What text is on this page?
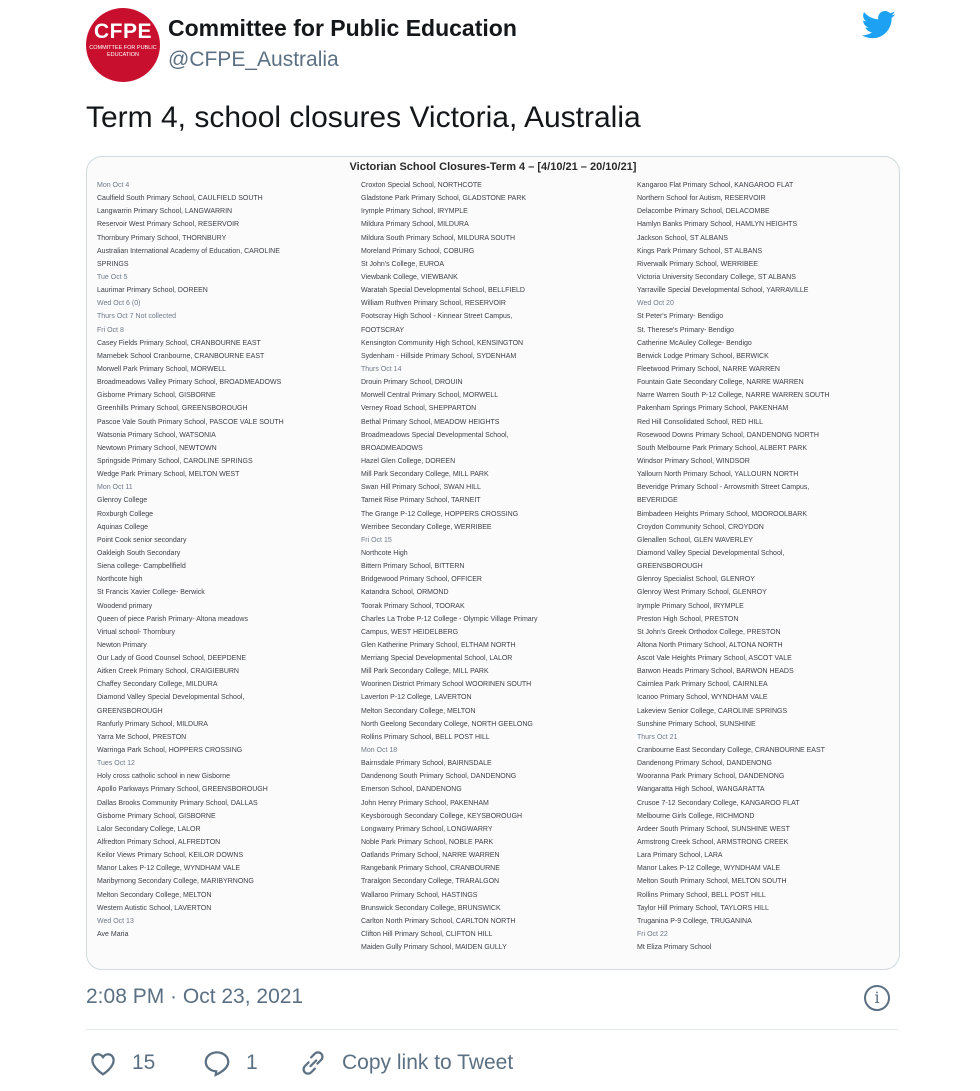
CFPE
COMMITTEE FOR PUBLIC EDUCATION
Committee for Public Education
@CFPE_Australia
Term 4, school closures Victoria, Australia
Victorian School Closures-Term 4 – [4/10/21 – 20/10/21]
Mon Oct 4
Caulfield South Primary School, CAULFIELD SOUTH
Langwarrin Primary School, LANGWARRIN
Reservoir West Primary School, RESERVOIR
Thornbury Primary School, THORNBURY
Australian International Academy of Education, CAROLINE
SPRINGS
Tue Oct 5
Laurimar Primary School, DOREEN
Wed Oct 6 (0)
Thurs Oct 7 Not collected
Fri Oct 8
Casey Fields Primary School, CRANBOURNE EAST
Marnebek School Cranbourne, CRANBOURNE EAST
Morwell Park Primary School, MORWELL
Broadmeadows Valley Primary School, BROADMEADOWS
Gisborne Primary School, GISBORNE
Greenhills Primary School, GREENSBOROUGH
Pascoe Vale South Primary School, PASCOE VALE SOUTH
Watsonia Primary School, WATSONIA
Newtown Primary School, NEWTOWN
Springside Primary School, CAROLINE SPRINGS
Wedge Park Primary School, MELTON WEST
Mon Oct 11
Glenroy College
Roxburgh College
Aquinas College
Point Cook senior secondary
Oakleigh South Secondary
Siena college- Campbellfield
Northcote high
St Francis Xavier College- Berwick
Woodend primary
Queen of piece Parish Primary- Altona meadows
Virtual school- Thornbury
Newton Primary
Our Lady of Good Counsel School, DEEPDENE
Aitken Creek Primary School, CRAIGIEBURN
Chaffey Secondary College, MILDURA
Diamond Valley Special Developmental School,
GREENSBOROUGH
Ranfurly Primary School, MILDURA
Yarra Me School, PRESTON
Warringa Park School, HOPPERS CROSSING
Tues Oct 12
Holy cross catholic school in new Gisborne
Apollo Parkways Primary School, GREENSBOROUGH
Dallas Brooks Community Primary School, DALLAS
Gisborne Primary School, GISBORNE
Lalor Secondary College, LALOR
Alfredton Primary School, ALFREDTON
Keilor Views Primary School, KEILOR DOWNS
Manor Lakes P-12 College, WYNDHAM VALE
Maribyrnong Secondary College, MARIBYRNONG
Melton Secondary College, MELTON
Western Autistic School, LAVERTON
Wed Oct 13
Ave Maria
Croxton Special School, NORTHCOTE
Gladstone Park Primary School, GLADSTONE PARK
Irymple Primary School, IRYMPLE
Mildura Primary School, MILDURA
Mildura South Primary School, MILDURA SOUTH
Moreland Primary School, COBURG
St John's College, EUROA
Viewbank College, VIEWBANK
Waratah Special Developmental School, BELLFIELD
William Ruthven Primary School, RESERVOIR
Footscray High School - Kinnear Street Campus,
FOOTSCRAY
Kensington Community High School, KENSINGTON
Sydenham - Hillside Primary School, SYDENHAM
Thurs Oct 14
Drouin Primary School, DROUIN
Morwell Central Primary School, MORWELL
Verney Road School, SHEPPARTON
Bethal Primary School, MEADOW HEIGHTS
Broadmeadows Special Developmental School,
BROADMEADOWS
Hazel Glen College, DOREEN
Mill Park Secondary College, MILL PARK
Swan Hill Primary School, SWAN HILL
Tarneit Rise Primary School, TARNEIT
The Grange P-12 College, HOPPERS CROSSING
Werribee Secondary College, WERRIBEE
Fri Oct 15
Northcote High
Bittern Primary School, BITTERN
Bridgewood Primary School, OFFICER
Katandra School, ORMOND
Toorak Primary School, TOORAK
Charles La Trobe P-12 College - Olympic Village Primary
Campus, WEST HEIDELBERG
Glen Katherine Primary School, ELTHAM NORTH
Merriang Special Developmental School, LALOR
Mill Park Secondary College, MILL PARK
Woorinen District Primary School WOORINEN SOUTH
Laverton P-12 College, LAVERTON
Melton Secondary College, MELTON
North Geelong Secondary College, NORTH GEELONG
Rollins Primary School, BELL POST HILL
Mon Oct 18
Bairnsdale Primary School, BAIRNSDALE
Dandenong South Primary School, DANDENONG
Emerson School, DANDENONG
John Henry Primary School, PAKENHAM
Keysborough Secondary College, KEYSBOROUGH
Longwarry Primary School, LONGWARRY
Noble Park Primary School, NOBLE PARK
Oatlands Primary School, NARRE WARREN
Rangebank Primary School, CRANBOURNE
Traralgon Secondary College, TRARALGON
Wallaroo Primary School, HASTINGS
Brunswick Secondary College, BRUNSWICK
Carlton North Primary School, CARLTON NORTH
Clifton Hill Primary School, CLIFTON HILL
Maiden Gully Primary School, MAIDEN GULLY
Kangaroo Flat Primary School, KANGAROO FLAT
Northern School for Autism, RESERVOIR
Delacombe Primary School, DELACOMBE
Hamlyn Banks Primary School, HAMLYN HEIGHTS
Jackson School, ST ALBANS
Kings Park Primary School, ST ALBANS
Riverwalk Primary School, WERRIBEE
Victoria University Secondary College, ST ALBANS
Yarraville Special Developmental School, YARRAVILLE
Wed Oct 20
St Peter's Primary- Bendigo
St. Therese's Primary- Bendigo
Catherine McAuley College- Bendigo
Berwick Lodge Primary School, BERWICK
Fleetwood Primary School, NARRE WARREN
Fountain Gate Secondary College, NARRE WARREN
Narre Warren South P-12 College, NARRE WARREN SOUTH
Pakenham Springs Primary School, PAKENHAM
Red Hill Consolidated School, RED HILL
Rosewood Downs Primary School, DANDENONG NORTH
South Melbourne Park Primary School, ALBERT PARK
Windsor Primary School, WINDSOR
Yallourn North Primary School, YALLOURN NORTH
Beveridge Primary School - Arrowsmith Street Campus,
BEVERIDGE
Bimbadeen Heights Primary School, MOOROOLBARK
Croydon Community School, CROYDON
Glenallen School, GLEN WAVERLEY
Diamond Valley Special Developmental School,
GREENSBOROUGH
Glenroy Specialist School, GLENROY
Glenroy West Primary School, GLENROY
Irymple Primary School, IRYMPLE
Preston High School, PRESTON
St John's Greek Orthodox College, PRESTON
Altona North Primary School, ALTONA NORTH
Ascot Vale Heights Primary School, ASCOT VALE
Barwon Heads Primary School, BARWON HEADS
Cairnlea Park Primary School, CAIRNLEA
Icanoo Primary School, WYNDHAM VALE
Lakeview Senior College, CAROLINE SPRINGS
Sunshine Primary School, SUNSHINE
Thurs Oct 21
Cranbourne East Secondary College, CRANBOURNE EAST
Dandenong Primary School, DANDENONG
Wooranna Park Primary School, DANDENONG
Wangaratta High School, WANGARATTA
Crusoe 7-12 Secondary College, KANGAROO FLAT
Melbourne Girls College, RICHMOND
Ardeer South Primary School, SUNSHINE WEST
Armstrong Creek School, ARMSTRONG CREEK
Lara Primary School, LARA
Manor Lakes P-12 College, WYNDHAM VALE
Melton South Primary School, MELTON SOUTH
Rollins Primary School, BELL POST HILL
Taylor Hill Primary School, TAYLORS HILL
Truganina P-9 College, TRUGANINA
Fri Oct 22
Mt Eliza Primary School
2:08 PM · Oct 23, 2021	i
15	1	Copy link to Tweet
